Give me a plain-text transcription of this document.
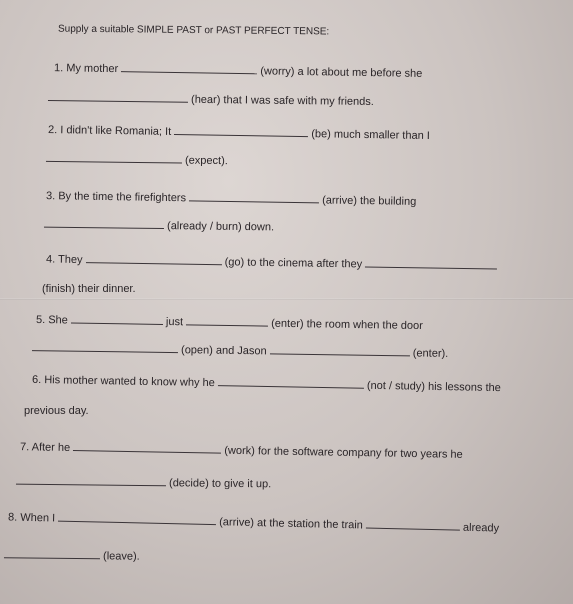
Supply a suitable SIMPLE PAST or PAST PERFECT TENSE:
1. My mother	(worry) a lot about me before she
(hear) that I was safe with my friends.
2. I didn't like Romania; It	(be) much smaller than I
(expect).
3. By the time the firefighters	(arrive) the building
(already / burn) down.
4. They	(go) to the cinema after they
(finish) their dinner.
5. She	just	(enter) the room when the door
(open) and Jason	(enter).
6. His mother wanted to know why he	(not / study) his lessons the
previous day.
7. After he	(work) for the software company for two years he
(decide) to give it up.
8. When I	(arrive) at the station the train	already
(leave).
